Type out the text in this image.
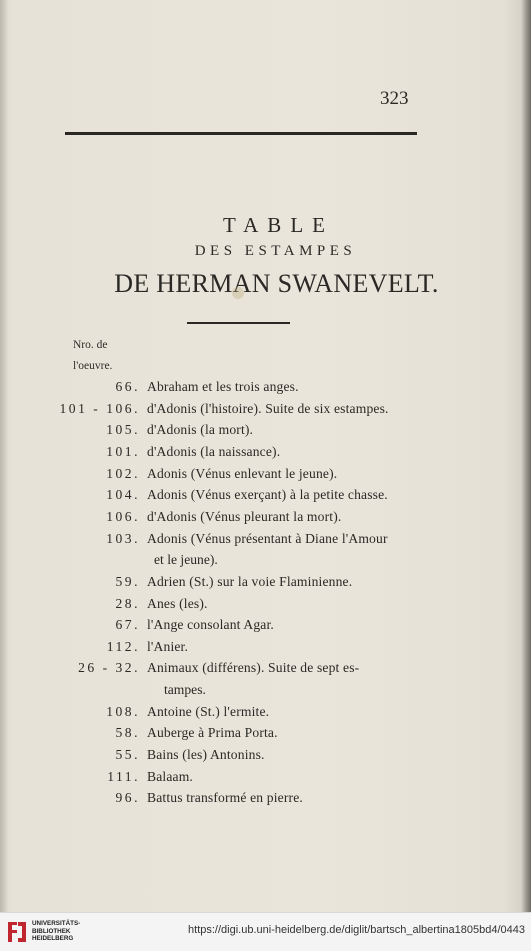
323
TABLE
DES ESTAMPES
DE HERMAN SWANEVELT.
Nro. de
l'oeuvre.
66. Abraham et les trois anges.
101 - 106. d'Adonis (l'histoire). Suite de six estampes.
105. d'Adonis (la mort).
101. d'Adonis (la naissance).
102. Adonis (Vénus enlevant le jeune).
104. Adonis (Vénus exerçant) à la petite chasse.
106. d'Adonis (Vénus pleurant la mort).
103. Adonis (Vénus présentant à Diane l'Amour
et le jeune).
59. Adrien (St.) sur la voie Flaminienne.
28. Anes (les).
67. l'Ange consolant Agar.
112. l'Anier.
26 - 32. Animaux (différens). Suite de sept es-
tampes.
108. Antoine (St.) l'ermite.
58. Auberge à Prima Porta.
55. Bains (les) Antonins.
111. Balaam.
96. Battus transformé en pierre.
UNIVERSITÄTS-
BIBLIOTHEK
HEIDELBERG
https://digi.ub.uni-heidelberg.de/diglit/bartsch_albertina1805bd4/0443
